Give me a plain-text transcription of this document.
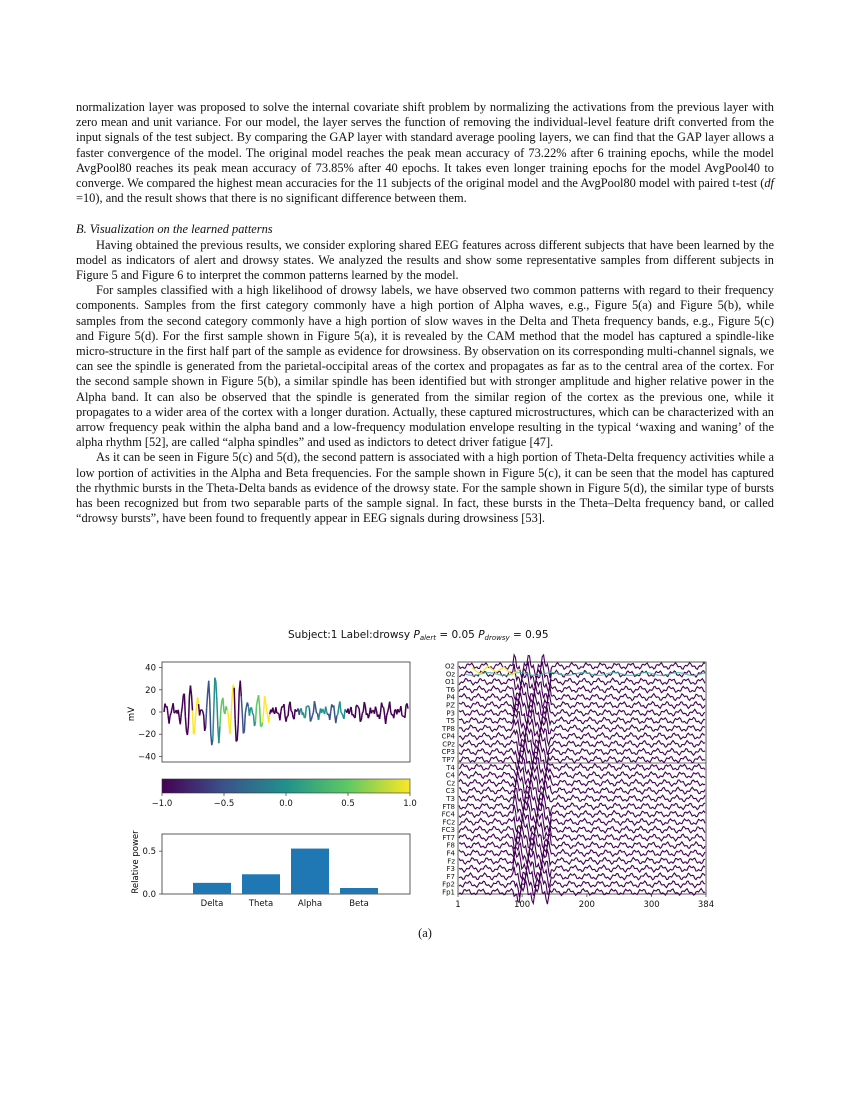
normalization layer was proposed to solve the internal covariate shift problem by normalizing the activations from the previous layer with zero mean and unit variance. For our model, the layer serves the function of removing the individual-level feature drift converted from the input signals of the test subject. By comparing the GAP layer with standard average pooling layers, we can find that the GAP layer allows a faster convergence of the model. The original model reaches the peak mean accuracy of 73.22% after 6 training epochs, while the model AvgPool80 reaches its peak mean accuracy of 73.85% after 40 epochs. It takes even longer training epochs for the model AvgPool40 to converge. We compared the highest mean accuracies for the 11 subjects of the original model and the AvgPool80 model with paired t-test (df =10), and the result shows that there is no significant difference between them.

B. Visualization on the learned patterns

Having obtained the previous results, we consider exploring shared EEG features across different subjects that have been learned by the model as indicators of alert and drowsy states. We analyzed the results and show some representative samples from different subjects in Figure 5 and Figure 6 to interpret the common patterns learned by the model.

For samples classified with a high likelihood of drowsy labels, we have observed two common patterns with regard to their frequency components. Samples from the first category commonly have a high portion of Alpha waves, e.g., Figure 5(a) and Figure 5(b), while samples from the second category commonly have a high portion of slow waves in the Delta and Theta frequency bands, e.g., Figure 5(c) and Figure 5(d). For the first sample shown in Figure 5(a), it is revealed by the CAM method that the model has captured a spindle-like micro-structure in the first half part of the sample as evidence for drowsiness. By observation on its corresponding multi-channel signals, we can see the spindle is generated from the parietal-occipital areas of the cortex and propagates as far as to the central area of the cortex. For the second sample shown in Figure 5(b), a similar spindle has been identified but with stronger amplitude and higher relative power in the Alpha band. It can also be observed that the spindle is generated from the similar region of the cortex as the previous one, while it propagates to a wider area of the cortex with a longer duration. Actually, these captured microstructures, which can be characterized with an arrow frequency peak within the alpha band and a low-frequency modulation envelope resulting in the typical ‘waxing and waning’ of the alpha rhythm [52], are called “alpha spindles” and used as indictors to detect driver fatigue [47].

As it can be seen in Figure 5(c) and 5(d), the second pattern is associated with a high portion of Theta-Delta frequency activities while a low portion of activities in the Alpha and Beta frequencies. For the sample shown in Figure 5(c), it can be seen that the model has captured the rhythmic bursts in the Theta-Delta bands as evidence of the drowsy state. For the sample shown in Figure 5(d), the similar type of bursts has been recognized but from two separable parts of the sample signal. In fact, these bursts in the Theta–Delta frequency band, or called “drowsy bursts”, have been found to frequently appear in EEG signals during drowsiness [53].

Subject:1 Label:drowsy Palert = 0.05 Pdrowsy = 0.95
40
20
0
−20
−40
mV
−1.0	−0.5	0.0	0.5	1.0
Delta	Theta	Alpha	Beta
0.5
0.0
Relative power
O2
Oz
O1
T6
P4
PZ
P3
T5
TP8
CP4
CPz
CP3
TP7
T4
C4
Cz
C3
T3
FT8
FC4
FCz
FC3
FT7
F8
F4
Fz
F3
F7
Fp2
Fp1
1	100	200	300	384
(a)
